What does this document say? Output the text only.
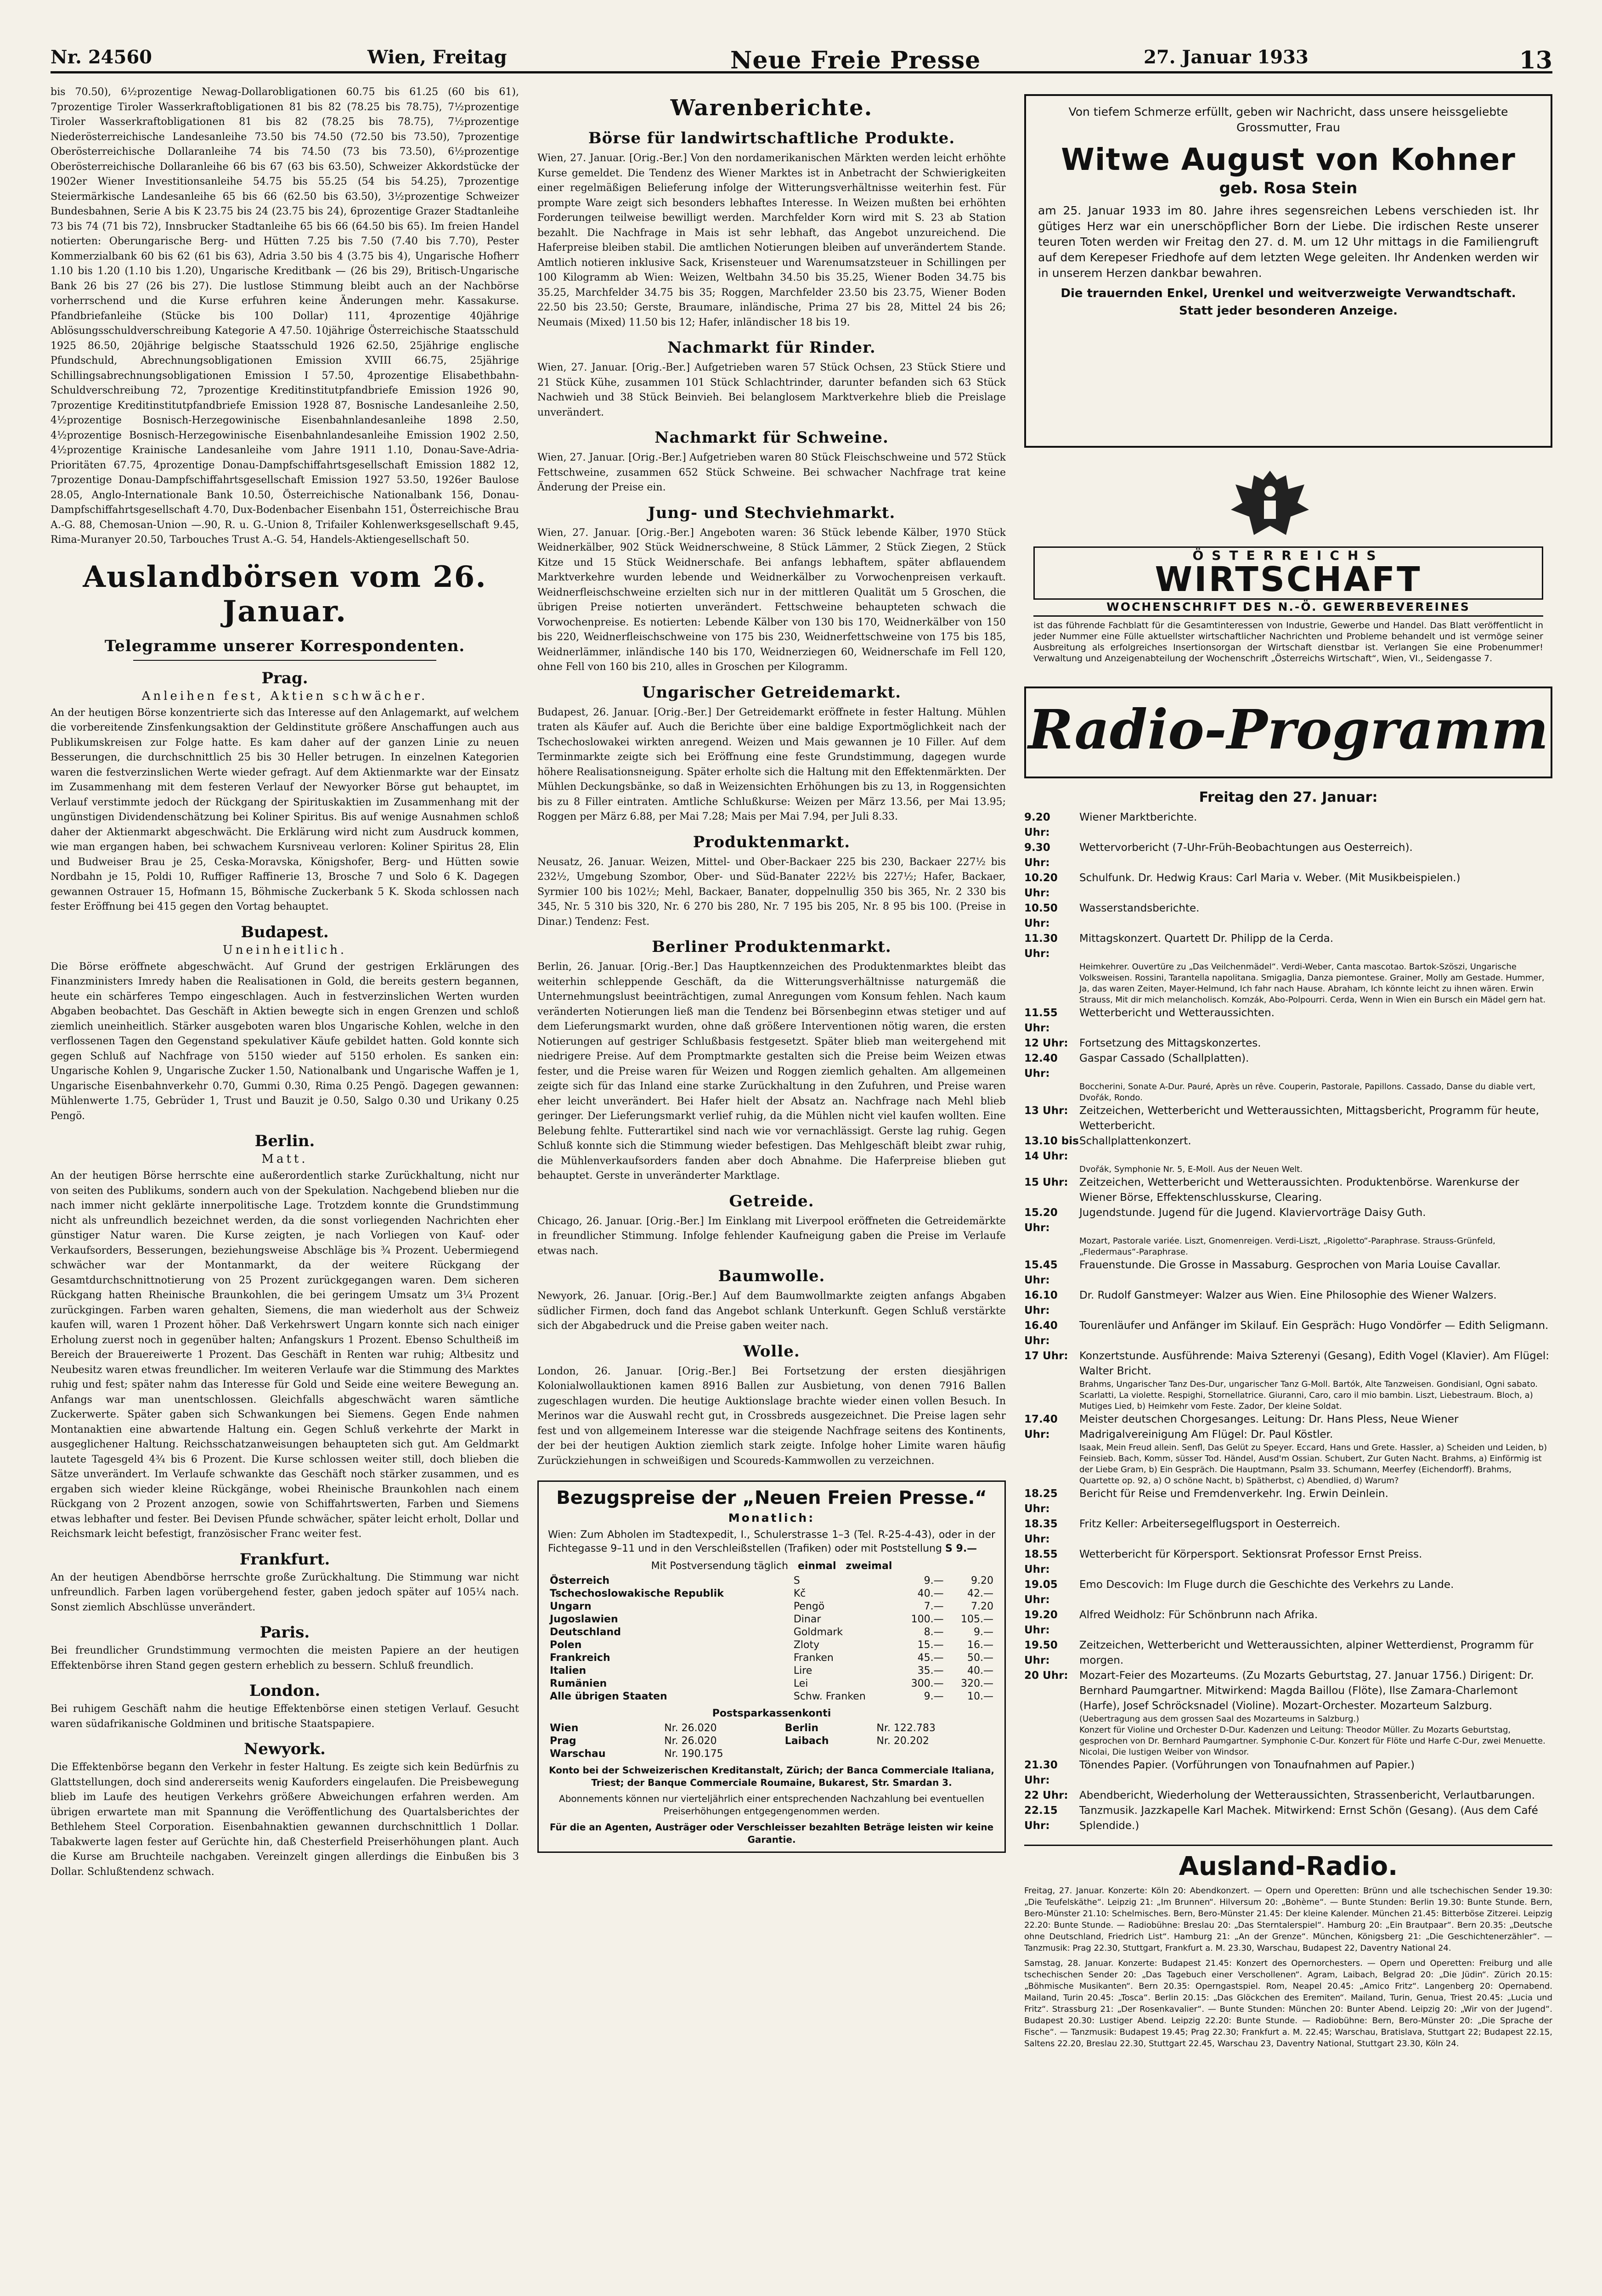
Nr. 24560	Wien, Freitag	Neue Freie Presse	27. Januar 1933	13

bis 70.50), 6½prozentige Newag-Dollarobligationen 60.75 bis 61.25 (60 bis 61), 7prozentige Tiroler Wasserkraftobligationen 81 bis 82 (78.25 bis 78.75), 7½prozentige Tiroler Wasserkraftobligationen 81 bis 82 (78.25 bis 78.75), 7½prozentige Niederösterreichische Landesanleihe 73.50 bis 74.50 (72.50 bis 73.50), 7prozentige Oberösterreichische Dollaranleihe 74 bis 74.50 (73 bis 73.50), 6½prozentige Oberösterreichische Dollaranleihe 66 bis 67 (63 bis 63.50), Schweizer Akkordstücke der 1902er Wiener Investitionsanleihe 54.75 bis 55.25 (54 bis 54.25), 7prozentige Steiermärkische Landesanleihe 65 bis 66 (62.50 bis 63.50), 3½prozentige Schweizer Bundesbahnen, Serie A bis K 23.75 bis 24 (23.75 bis 24), 6prozentige Grazer Stadtanleihe 73 bis 74 (71 bis 72), Innsbrucker Stadtanleihe 65 bis 66 (64.50 bis 65). Im freien Handel notierten: Oberungarische Berg- und Hütten 7.25 bis 7.50 (7.40 bis 7.70), Pester Kommerzialbank 60 bis 62 (61 bis 63), Adria 3.50 bis 4 (3.75 bis 4), Ungarische Hofherr 1.10 bis 1.20 (1.10 bis 1.20), Ungarische Kreditbank — (26 bis 29), Britisch-Ungarische Bank 26 bis 27 (26 bis 27). Die lustlose Stimmung bleibt auch an der Nachbörse vorherrschend und die Kurse erfuhren keine Änderungen mehr. Kassakurse. Pfandbriefanleihe (Stücke bis 100 Dollar) 111, 4prozentige 40jährige Ablösungsschuldverschreibung Kategorie A 47.50. 10jährige Österreichische Staatsschuld 1925 86.50, 20jährige belgische Staatsschuld 1926 62.50, 25jährige englische Pfundschuld, Abrechnungsobligationen Emission XVIII 66.75, 25jährige Schillingsabrechnungsobligationen Emission I 57.50, 4prozentige Elisabethbahn-Schuldverschreibung 72, 7prozentige Kreditinstitutpfandbriefe Emission 1926 90, 7prozentige Kreditinstitutpfandbriefe Emission 1928 87, Bosnische Landesanleihe 2.50, 4½prozentige Bosnisch-Herzegowinische Eisenbahnlandesanleihe 1898 2.50, 4½prozentige Bosnisch-Herzegowinische Eisenbahnlandesanleihe Emission 1902 2.50, 4½prozentige Krainische Landesanleihe vom Jahre 1911 1.10, Donau-Save-Adria-Prioritäten 67.75, 4prozentige Donau-Dampfschiffahrtsgesellschaft Emission 1882 12, 7prozentige Donau-Dampfschiffahrtsgesellschaft Emission 1927 53.50, 1926er Baulose 28.05, Anglo-Internationale Bank 10.50, Österreichische Nationalbank 156, Donau-Dampfschiffahrtsgesellschaft 4.70, Dux-Bodenbacher Eisenbahn 151, Österreichische Brau A.-G. 88, Chemosan-Union —.90, R. u. G.-Union 8, Trifailer Kohlenwerksgesellschaft 9.45, Rima-Muranyer 20.50, Tarbouches Trust A.-G. 54, Handels-Aktiengesellschaft 50.

Auslandbörsen vom 26. Januar.
Telegramme unserer Korrespondenten.
Prag.
Anleihen fest, Aktien schwächer.

An der heutigen Börse konzentrierte sich das Interesse auf den Anlagemarkt, auf welchem die vorbereitende Zinsfenkungsaktion der Geldinstitute größere Anschaffungen auch aus Publikumskreisen zur Folge hatte. Es kam daher auf der ganzen Linie zu neuen Besserungen, die durchschnittlich 25 bis 30 Heller betrugen. In einzelnen Kategorien waren die festverzinslichen Werte wieder gefragt. Auf dem Aktienmarkte war der Einsatz im Zusammenhang mit dem festeren Verlauf der Newyorker Börse gut behauptet, im Verlauf verstimmte jedoch der Rückgang der Spirituskaktien im Zusammenhang mit der ungünstigen Dividendenschätzung bei Koliner Spiritus. Bis auf wenige Ausnahmen schloß daher der Aktienmarkt abgeschwächt. Die Erklärung wird nicht zum Ausdruck kommen, wie man ergangen haben, bei schwachem Kursniveau verloren: Koliner Spiritus 28, Elin und Budweiser Brau je 25, Ceska-Moravska, Königshofer, Berg- und Hütten sowie Nordbahn je 15, Poldi 10, Ruffiger Raffinerie 13, Brosche 7 und Solo 6 K. Dagegen gewannen Ostrauer 15, Hofmann 15, Böhmische Zuckerbank 5 K. Skoda schlossen nach fester Eröffnung bei 415 gegen den Vortag behauptet.

Budapest.
Uneinheitlich.

Die Börse eröffnete abgeschwächt. Auf Grund der gestrigen Erklärungen des Finanzministers Imredy haben die Realisationen in Gold, die bereits gestern begannen, heute ein schärferes Tempo eingeschlagen. Auch in festverzinslichen Werten wurden Abgaben beobachtet. Das Geschäft in Aktien bewegte sich in engen Grenzen und schloß ziemlich uneinheitlich. Stärker ausgeboten waren blos Ungarische Kohlen, welche in den verflossenen Tagen den Gegenstand spekulativer Käufe gebildet hatten. Gold konnte sich gegen Schluß auf Nachfrage von 5150 wieder auf 5150 erholen. Es sanken ein: Ungarische Kohlen 9, Ungarische Zucker 1.50, Nationalbank und Ungarische Waffen je 1, Ungarische Eisenbahnverkehr 0.70, Gummi 0.30, Rima 0.25 Pengö. Dagegen gewannen: Mühlenwerte 1.75, Gebrüder 1, Trust und Bauzit je 0.50, Salgo 0.30 und Urikany 0.25 Pengö.

Berlin.
Matt.

An der heutigen Börse herrschte eine außerordentlich starke Zurückhaltung, nicht nur von seiten des Publikums, sondern auch von der Spekulation. Nachgebend blieben nur die nach immer nicht geklärte innerpolitische Lage. Trotzdem konnte die Grundstimmung nicht als unfreundlich bezeichnet werden, da die sonst vorliegenden Nachrichten eher günstiger Natur waren. Die Kurse zeigten, je nach Vorliegen von Kauf- oder Verkaufsorders, Besserungen, beziehungsweise Abschläge bis ¾ Prozent. Uebermiegend schwächer war der Montanmarkt, da der weitere Rückgang der Gesamtdurchschnittnotierung von 25 Prozent zurückgegangen waren. Dem sicheren Rückgang hatten Rheinische Braunkohlen, die bei geringem Umsatz um 3¼ Prozent zurückgingen. Farben waren gehalten, Siemens, die man wiederholt aus der Schweiz kaufen will, waren 1 Prozent höher. Daß Verkehrswert Ungarn konnte sich nach einiger Erholung zuerst noch in gegenüber halten; Anfangskurs 1 Prozent. Ebenso Schultheiß im Bereich der Brauereiwerte 1 Prozent. Das Geschäft in Renten war ruhig; Altbesitz und Neubesitz waren etwas freundlicher. Im weiteren Verlaufe war die Stimmung des Marktes ruhig und fest; später nahm das Interesse für Gold und Seide eine weitere Bewegung an. Anfangs war man unentschlossen. Gleichfalls abgeschwächt waren sämtliche Zuckerwerte. Später gaben sich Schwankungen bei Siemens. Gegen Ende nahmen Montanaktien eine abwartende Haltung ein. Gegen Schluß verkehrte der Markt in ausgeglichener Haltung. Reichsschatzanweisungen behaupteten sich gut. Am Geldmarkt lautete Tagesgeld 4¾ bis 6 Prozent. Die Kurse schlossen weiter still, doch blieben die Sätze unverändert. Im Verlaufe schwankte das Geschäft noch stärker zusammen, und es ergaben sich wieder kleine Rückgänge, wobei Rheinische Braunkohlen nach einem Rückgang von 2 Prozent anzogen, sowie von Schiffahrtswerten, Farben und Siemens etwas lebhafter und fester. Bei Devisen Pfunde schwächer, später leicht erholt, Dollar und Reichsmark leicht befestigt, französischer Franc weiter fest.

Frankfurt.

An der heutigen Abendbörse herrschte große Zurückhaltung. Die Stimmung war nicht unfreundlich. Farben lagen vorübergehend fester, gaben jedoch später auf 105¼ nach. Sonst ziemlich Abschlüsse unverändert.

Paris.

Bei freundlicher Grundstimmung vermochten die meisten Papiere an der heutigen Effektenbörse ihren Stand gegen gestern erheblich zu bessern. Schluß freundlich.

London.

Bei ruhigem Geschäft nahm die heutige Effektenbörse einen stetigen Verlauf. Gesucht waren südafrikanische Goldminen und britische Staatspapiere.

Newyork.

Die Effektenbörse begann den Verkehr in fester Haltung. Es zeigte sich kein Bedürfnis zu Glattstellungen, doch sind andererseits wenig Kauforders eingelaufen. Die Preisbewegung blieb im Laufe des heutigen Verkehrs größere Abweichungen erfahren werden. Am übrigen erwartete man mit Spannung die Veröffentlichung des Quartalsberichtes der Bethlehem Steel Corporation. Eisenbahnaktien gewannen durchschnittlich 1 Dollar. Tabakwerte lagen fester auf Gerüchte hin, daß Chesterfield Preiserhöhungen plant. Auch die Kurse am Bruchteile nachgaben. Vereinzelt gingen allerdings die Einbußen bis 3 Dollar. Schlußtendenz schwach.

Warenberichte.
Börse für landwirtschaftliche Produkte.

Wien, 27. Januar. [Orig.-Ber.] Von den nordamerikanischen Märkten werden leicht erhöhte Kurse gemeldet. Die Tendenz des Wiener Marktes ist in Anbetracht der Schwierigkeiten einer regelmäßigen Belieferung infolge der Witterungsverhältnisse weiterhin fest. Für prompte Ware zeigt sich besonders lebhaftes Interesse. In Weizen mußten bei erhöhten Forderungen teilweise bewilligt werden. Marchfelder Korn wird mit S. 23 ab Station bezahlt. Die Nachfrage in Mais ist sehr lebhaft, das Angebot unzureichend. Die Haferpreise bleiben stabil. Die amtlichen Notierungen bleiben auf unverändertem Stande. Amtlich notieren inklusive Sack, Krisensteuer und Warenumsatzsteuer in Schillingen per 100 Kilogramm ab Wien: Weizen, Weltbahn 34.50 bis 35.25, Wiener Boden 34.75 bis 35.25, Marchfelder 34.75 bis 35; Roggen, Marchfelder 23.50 bis 23.75, Wiener Boden 22.50 bis 23.50; Gerste, Braumare, inländische, Prima 27 bis 28, Mittel 24 bis 26; Neumais (Mixed) 11.50 bis 12; Hafer, inländischer 18 bis 19.

Nachmarkt für Rinder.

Wien, 27. Januar. [Orig.-Ber.] Aufgetrieben waren 57 Stück Ochsen, 23 Stück Stiere und 21 Stück Kühe, zusammen 101 Stück Schlachtrinder, darunter befanden sich 63 Stück Nachwieh und 38 Stück Beinvieh. Bei belanglosem Marktverkehre blieb die Preislage unverändert.

Nachmarkt für Schweine.

Wien, 27. Januar. [Orig.-Ber.] Aufgetrieben waren 80 Stück Fleischschweine und 572 Stück Fettschweine, zusammen 652 Stück Schweine. Bei schwacher Nachfrage trat keine Änderung der Preise ein.

Jung- und Stechviehmarkt.

Wien, 27. Januar. [Orig.-Ber.] Angeboten waren: 36 Stück lebende Kälber, 1970 Stück Weidnerkälber, 902 Stück Weidnerschweine, 8 Stück Lämmer, 2 Stück Ziegen, 2 Stück Kitze und 15 Stück Weidnerschafe. Bei anfangs lebhaftem, später abflauendem Marktverkehre wurden lebende und Weidnerkälber zu Vorwochenpreisen verkauft. Weidnerfleischschweine erzielten sich nur in der mittleren Qualität um 5 Groschen, die übrigen Preise notierten unverändert. Fettschweine behaupteten schwach die Vorwochenpreise. Es notierten: Lebende Kälber von 130 bis 170, Weidnerkälber von 150 bis 220, Weidnerfleischschweine von 175 bis 230, Weidnerfettschweine von 175 bis 185, Weidnerlämmer, inländische 140 bis 170, Weidnerziegen 60, Weidnerschafe im Fell 120, ohne Fell von 160 bis 210, alles in Groschen per Kilogramm.

Ungarischer Getreidemarkt.

Budapest, 26. Januar. [Orig.-Ber.] Der Getreidemarkt eröffnete in fester Haltung. Mühlen traten als Käufer auf. Auch die Berichte über eine baldige Exportmöglichkeit nach der Tschechoslowakei wirkten anregend. Weizen und Mais gewannen je 10 Filler. Auf dem Terminmarkte zeigte sich bei Eröffnung eine feste Grundstimmung, dagegen wurde höhere Realisationsneigung. Später erholte sich die Haltung mit den Effektenmärkten. Der Mühlen Deckungsbänke, so daß in Weizensichten Erhöhungen bis zu 13, in Roggensichten bis zu 8 Filler eintraten. Amtliche Schlußkurse: Weizen per März 13.56, per Mai 13.95; Roggen per März 6.88, per Mai 7.28; Mais per Mai 7.94, per Juli 8.33.

Produktenmarkt.

Neusatz, 26. Januar. Weizen, Mittel- und Ober-Backaer 225 bis 230, Backaer 227½ bis 232½, Umgebung Szombor, Ober- und Süd-Banater 222½ bis 227½; Hafer, Backaer, Syrmier 100 bis 102½; Mehl, Backaer, Banater, doppelnullig 350 bis 365, Nr. 2 330 bis 345, Nr. 5 310 bis 320, Nr. 6 270 bis 280, Nr. 7 195 bis 205, Nr. 8 95 bis 100. (Preise in Dinar.) Tendenz: Fest.

Berliner Produktenmarkt.

Berlin, 26. Januar. [Orig.-Ber.] Das Hauptkennzeichen des Produktenmarktes bleibt das weiterhin schleppende Geschäft, da die Witterungsverhältnisse naturgemäß die Unternehmungslust beeinträchtigen, zumal Anregungen vom Konsum fehlen. Nach kaum veränderten Notierungen ließ man die Tendenz bei Börsenbeginn etwas stetiger und auf dem Lieferungsmarkt wurden, ohne daß größere Interventionen nötig waren, die ersten Notierungen auf gestriger Schlußbasis festgesetzt. Später blieb man weitergehend mit niedrigere Preise. Auf dem Promptmarkte gestalten sich die Preise beim Weizen etwas fester, und die Preise waren für Weizen und Roggen ziemlich gehalten. Am allgemeinen zeigte sich für das Inland eine starke Zurückhaltung in den Zufuhren, und Preise waren eher leicht unverändert. Bei Hafer hielt der Absatz an. Nachfrage nach Mehl blieb geringer. Der Lieferungsmarkt verlief ruhig, da die Mühlen nicht viel kaufen wollten. Eine Belebung fehlte. Futterartikel sind nach wie vor vernachlässigt. Gerste lag ruhig. Gegen Schluß konnte sich die Stimmung wieder befestigen. Das Mehlgeschäft bleibt zwar ruhig, die Mühlenverkaufsorders fanden aber doch Abnahme. Die Haferpreise blieben gut behauptet. Gerste in unveränderter Marktlage.

Getreide.

Chicago, 26. Januar. [Orig.-Ber.] Im Einklang mit Liverpool eröffneten die Getreidemärkte in freundlicher Stimmung. Infolge fehlender Kaufneigung gaben die Preise im Verlaufe etwas nach.

Baumwolle.

Newyork, 26. Januar. [Orig.-Ber.] Auf dem Baumwollmarkte zeigten anfangs Abgaben südlicher Firmen, doch fand das Angebot schlank Unterkunft. Gegen Schluß verstärkte sich der Abgabedruck und die Preise gaben weiter nach.

Wolle.

London, 26. Januar. [Orig.-Ber.] Bei Fortsetzung der ersten diesjährigen Kolonialwollauktionen kamen 8916 Ballen zur Ausbietung, von denen 7916 Ballen zugeschlagen wurden. Die heutige Auktionslage brachte wieder einen vollen Besuch. In Merinos war die Auswahl recht gut, in Crossbreds ausgezeichnet. Die Preise lagen sehr fest und von allgemeinem Interesse war die steigende Nachfrage seitens des Kontinents, der bei der heutigen Auktion ziemlich stark zeigte. Infolge hoher Limite waren häufig Zurückziehungen in schweißigen und Scoureds-Kammwollen zu verzeichnen.

Bezugspreise der „Neuen Freien Presse.“
Monatlich:

Wien: Zum Abholen im Stadtexpedit, I., Schulerstrasse 1–3 (Tel. R-25-4-43), oder in der Fichtegasse 9–11 und in den Verschleißstellen (Trafiken) oder mit Poststellung S 9.—

Mit Postversendung täglich einmal zweimal
Österreich	S	9.—	9.20
Tschechoslowakische Republik	Kč	40.—	42.—
Ungarn	Pengö	7.—	7.20
Jugoslawien	Dinar	100.—	105.—
Deutschland	Goldmark	8.—	9.—
Polen	Zloty	15.—	16.—
Frankreich	Franken	45.—	50.—
Italien	Lire	35.—	40.—
Rumänien	Lei	300.—	320.—
Alle übrigen Staaten	Schw. Franken	9.—	10.—
Postsparkassenkonti
Wien	Nr. 26.020	Berlin	Nr. 122.783
Prag	Nr. 26.020	Laibach	Nr. 20.202
Warschau	Nr. 190.175		

Konto bei der Schweizerischen Kreditanstalt, Zürich; der Banca Commerciale Italiana, Triest; der Banque Commerciale Roumaine, Bukarest, Str. Smardan 3.

Abonnements können nur vierteljährlich einer entsprechenden Nachzahlung bei eventuellen Preiserhöhungen entgegengenommen werden.

Für die an Agenten, Austräger oder Verschleisser bezahlten Beträge leisten wir keine Garantie.

Von tiefem Schmerze erfüllt, geben wir Nachricht, dass unsere heissgeliebte Grossmutter, Frau

Witwe August von Kohner
geb. Rosa Stein

am 25. Januar 1933 im 80. Jahre ihres segensreichen Lebens verschieden ist. Ihr gütiges Herz war ein unerschöpflicher Born der Liebe. Die irdischen Reste unserer teuren Toten werden wir Freitag den 27. d. M. um 12 Uhr mittags in die Familiengruft auf dem Kerepeser Friedhofe auf dem letzten Wege geleiten. Ihr Andenken werden wir in unserem Herzen dankbar bewahren.

Die trauernden Enkel, Urenkel und weitverzweigte Verwandtschaft.
Statt jeder besonderen Anzeige.
ÖSTERREICHS
WIRTSCHAFT
WOCHENSCHRIFT DES N.-Ö. GEWERBEVEREINES

ist das führende Fachblatt für die Gesamtinteressen von Industrie, Gewerbe und Handel. Das Blatt veröffentlicht in jeder Nummer eine Fülle aktuellster wirtschaftlicher Nachrichten und Probleme behandelt und ist vermöge seiner Ausbreitung als erfolgreiches Insertionsorgan der Wirtschaft dienstbar ist. Verlangen Sie eine Probenummer! Verwaltung und Anzeigenabteilung der Wochenschrift „Österreichs Wirtschaft“, Wien, VI., Seidengasse 7.

Radio-Programm
Freitag den 27. Januar:
9.20 Uhr:
Wiener Marktberichte.
9.30 Uhr:
Wettervorbericht (7-Uhr-Früh-Beobachtungen aus Oesterreich).
10.20 Uhr:
Schulfunk. Dr. Hedwig Kraus: Carl Maria v. Weber. (Mit Musikbeispielen.)
10.50 Uhr:
Wasserstandsberichte.
11.30 Uhr:
Mittagskonzert. Quartett Dr. Philipp de la Cerda.
Heimkehrer. Ouvertüre zu „Das Veilchenmädel“. Verdi-Weber, Canta mascotao. Bartok-Szöszi, Ungarische Volksweisen. Rossini, Tarantella napolitana. Smigaglia, Danza piemontese. Grainer, Molly am Gestade. Hummer, Ja, das waren Zeiten, Mayer-Helmund, Ich fahr nach Hause. Abraham, Ich könnte leicht zu ihnen wären. Erwin Strauss, Mit dir mich melancholisch. Komzák, Abo-Polpourri. Cerda, Wenn in Wien ein Bursch ein Mädel gern hat.
11.55 Uhr:
Wetterbericht und Wetteraussichten.
12 Uhr:	Fortsetzung des Mittagskonzertes.
12.40 Uhr:
Gaspar Cassado (Schallplatten).
Boccherini, Sonate A-Dur. Pauré, Après un rêve. Couperin, Pastorale, Papillons. Cassado, Danse du diable vert, Dvořák, Rondo.
13 Uhr:	Zeitzeichen, Wetterbericht und Wetteraussichten, Mittagsbericht, Programm für heute, Wetterbericht.
13.10 bis 14 Uhr:
Schallplattenkonzert.
Dvořák, Symphonie Nr. 5, E-Moll. Aus der Neuen Welt.
15 Uhr:	Zeitzeichen, Wetterbericht und Wetteraussichten. Produktenbörse. Warenkurse der Wiener Börse, Effektenschlusskurse, Clearing.
15.20 Uhr:
Jugendstunde. Jugend für die Jugend. Klaviervorträge Daisy Guth.
Mozart, Pastorale variée. Liszt, Gnomenreigen. Verdi-Liszt, „Rigoletto“-Paraphrase. Strauss-Grünfeld, „Fledermaus“-Paraphrase.
15.45 Uhr:
Frauenstunde. Die Grosse in Massaburg. Gesprochen von Maria Louise Cavallar.
16.10 Uhr:
Dr. Rudolf Ganstmeyer: Walzer aus Wien. Eine Philosophie des Wiener Walzers.
16.40 Uhr:
Tourenläufer und Anfänger im Skilauf. Ein Gespräch: Hugo Vondörfer — Edith Seligmann.
17 Uhr:	Konzertstunde. Ausführende: Maiva Szterenyi (Gesang), Edith Vogel (Klavier). Am Flügel: Walter Bricht.
Brahms, Ungarischer Tanz Des-Dur, ungarischer Tanz G-Moll. Bartók, Alte Tanzweisen. Gondisianl, Ogni sabato. Scarlatti, La violette. Respighi, Stornellatrice. Giuranni, Caro, caro il mio bambin. Liszt, Liebestraum. Bloch, a) Mutiges Lied, b) Heimkehr vom Feste. Zador, Der kleine Soldat.
17.40 Uhr:
Meister deutschen Chorgesanges. Leitung: Dr. Hans Pless, Neue Wiener Madrigalvereinigung Am Flügel: Dr. Paul Köstler.
Isaak, Mein Freud allein. Senfl, Das Gelüt zu Speyer. Eccard, Hans und Grete. Hassler, a) Scheiden und Leiden, b) Feinsieb. Bach, Komm, süsser Tod. Händel, Ausd'm Ossian. Schubert, Zur Guten Nacht. Brahms, a) Einförmig ist der Liebe Gram, b) Ein Gespräch. Die Hauptmann, Psalm 33. Schumann, Meerfey (Eichendorff). Brahms, Quartette op. 92, a) O schöne Nacht, b) Spätherbst, c) Abendlied, d) Warum?
18.25 Uhr:
Bericht für Reise und Fremdenverkehr. Ing. Erwin Deinlein.
18.35 Uhr:
Fritz Keller: Arbeitersegelflugsport in Oesterreich.
18.55 Uhr:
Wetterbericht für Körpersport. Sektionsrat Professor Ernst Preiss.
19.05 Uhr:
Emo Descovich: Im Fluge durch die Geschichte des Verkehrs zu Lande.
19.20 Uhr:
Alfred Weidholz: Für Schönbrunn nach Afrika.
19.50 Uhr:
Zeitzeichen, Wetterbericht und Wetteraussichten, alpiner Wetterdienst, Programm für morgen.
20 Uhr:	Mozart-Feier des Mozarteums. (Zu Mozarts Geburtstag, 27. Januar 1756.) Dirigent: Dr. Bernhard Paumgartner. Mitwirkend: Magda Baillou (Flöte), Ilse Zamara-Charlemont (Harfe), Josef Schröcksnadel (Violine). Mozart-Orchester. Mozarteum Salzburg.
(Uebertragung aus dem grossen Saal des Mozarteums in Salzburg.)
Konzert für Violine und Orchester D-Dur. Kadenzen und Leitung: Theodor Müller. Zu Mozarts Geburtstag, gesprochen von Dr. Bernhard Paumgartner. Symphonie C-Dur. Konzert für Flöte und Harfe C-Dur, zwei Menuette. Nicolai, Die lustigen Weiber von Windsor.
21.30 Uhr:
Tönendes Papier. (Vorführungen von Tonaufnahmen auf Papier.)
22 Uhr:	Abendbericht, Wiederholung der Wetteraussichten, Strassenbericht, Verlautbarungen.
22.15 Uhr:
Tanzmusik. Jazzkapelle Karl Machek. Mitwirkend: Ernst Schön (Gesang). (Aus dem Café Splendide.)
Ausland-Radio.

Freitag, 27. Januar. Konzerte: Köln 20: Abendkonzert. — Opern und Operetten: Brünn und alle tschechischen Sender 19.30: „Die Teufelskäthe“. Leipzig 21: „Im Brunnen“. Hilversum 20: „Bohème“. — Bunte Stunden: Berlin 19.30: Bunte Stunde. Bern, Bero-Münster 21.10: Schelmisches. Bern, Bero-Münster 21.45: Der kleine Kalender. München 21.45: Bitterböse Zitzerei. Leipzig 22.20: Bunte Stunde. — Radiobühne: Breslau 20: „Das Sterntalerspiel“. Hamburg 20: „Ein Brautpaar“. Bern 20.35: „Deutsche ohne Deutschland, Friedrich List“. Hamburg 21: „An der Grenze“. München, Königsberg 21: „Die Geschichtenerzähler“. — Tanzmusik: Prag 22.30, Stuttgart, Frankfurt a. M. 23.30, Warschau, Budapest 22, Daventry National 24.

Samstag, 28. Januar. Konzerte: Budapest 21.45: Konzert des Opernorchesters. — Opern und Operetten: Freiburg und alle tschechischen Sender 20: „Das Tagebuch einer Verschollenen“. Agram, Laibach, Belgrad 20: „Die Jüdin“. Zürich 20.15: „Böhmische Musikanten“. Bern 20.35: Operngastspiel. Rom, Neapel 20.45: „Amico Fritz“. Langenberg 20: Opernabend. Mailand, Turin 20.45: „Tosca“. Berlin 20.15: „Das Glöckchen des Eremiten“. Mailand, Turin, Genua, Triest 20.45: „Lucia und Fritz“. Strassburg 21: „Der Rosenkavalier“. — Bunte Stunden: München 20: Bunter Abend. Leipzig 20: „Wir von der Jugend“. Budapest 20.30: Lustiger Abend. Leipzig 22.20: Bunte Stunde. — Radiobühne: Bern, Bero-Münster 20: „Die Sprache der Fische“. — Tanzmusik: Budapest 19.45; Prag 22.30; Frankfurt a. M. 22.45; Warschau, Bratislava, Stuttgart 22; Budapest 22.15, Saltens 22.20, Breslau 22.30, Stuttgart 22.45, Warschau 23, Daventry National, Stuttgart 23.30, Köln 24.
